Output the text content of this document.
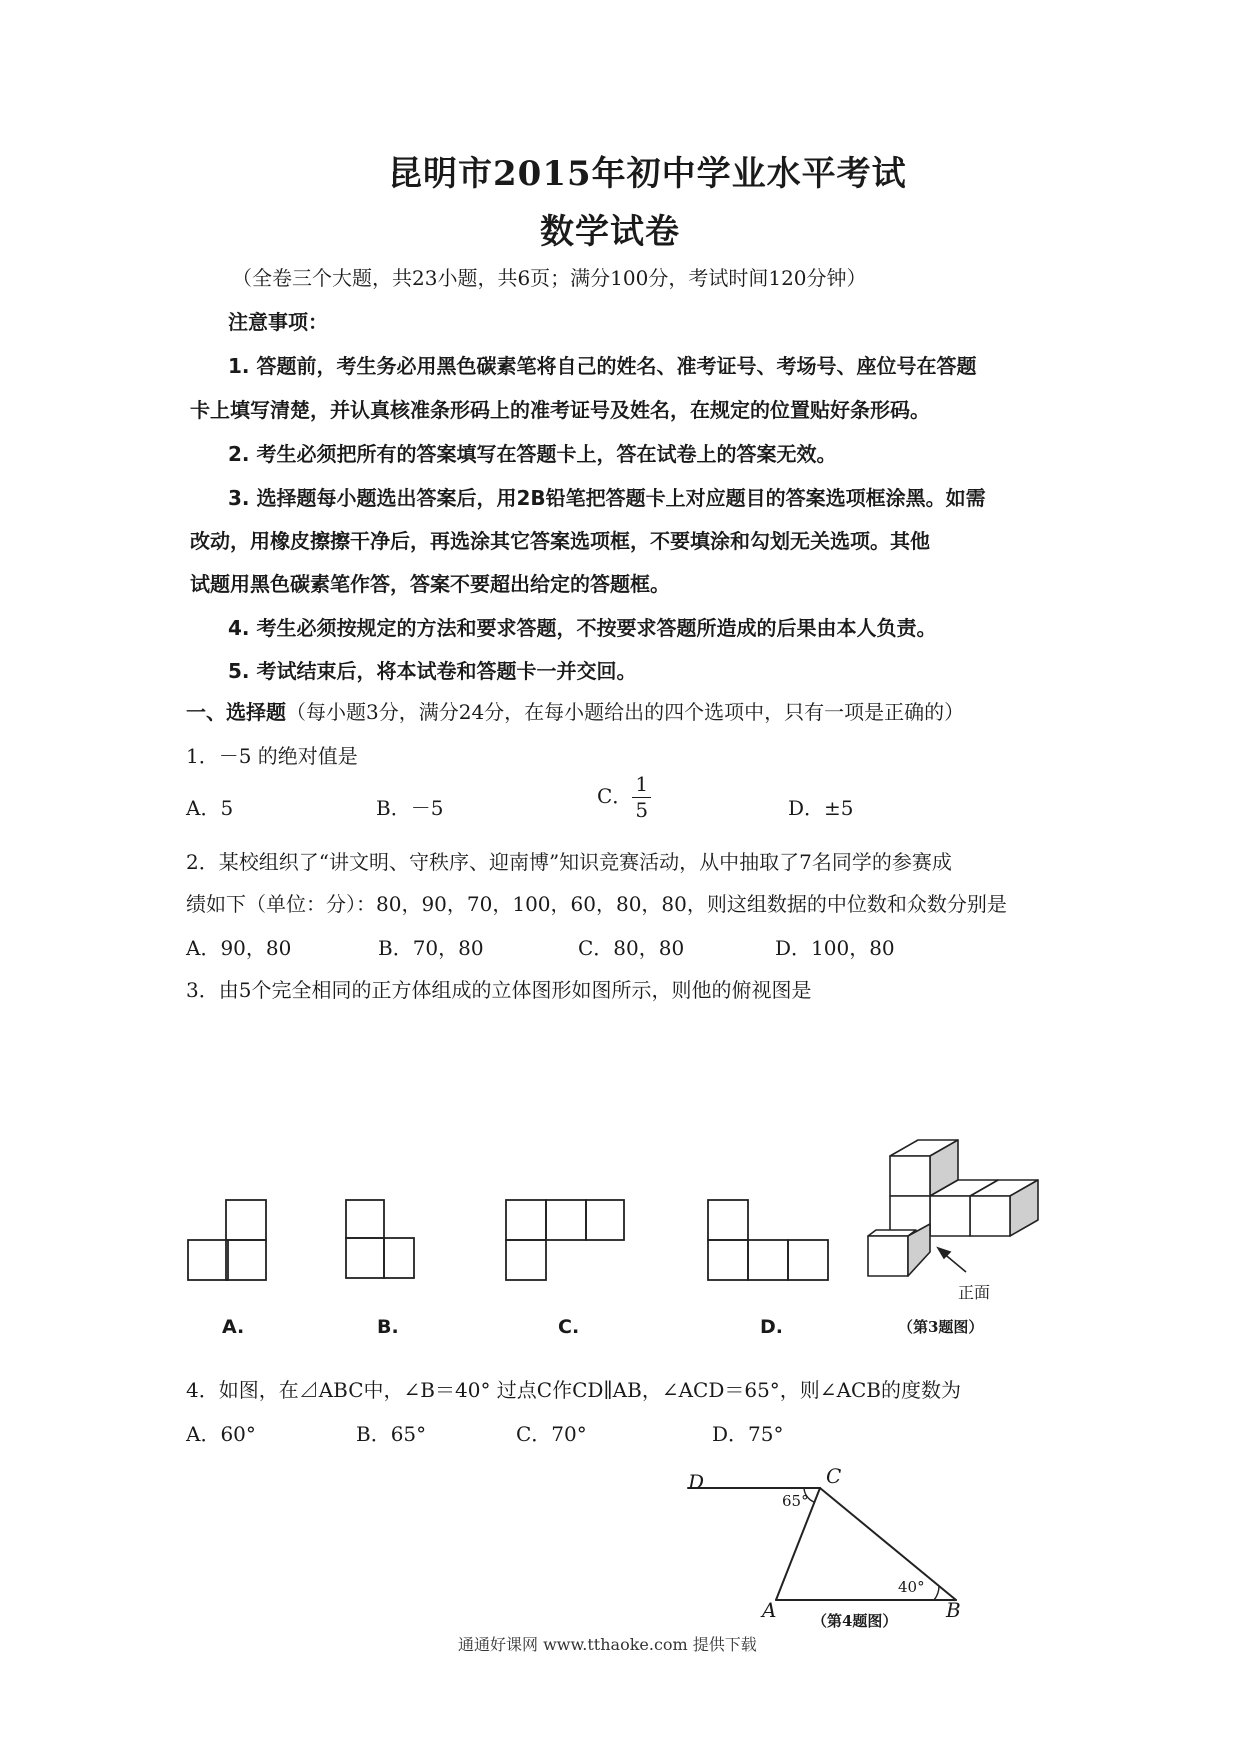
昆明市2015年初中学业水平考试
数学试卷
（全卷三个大题，共23小题，共6页；满分100分，考试时间120分钟）
注意事项：
1. 答题前，考生务必用黑色碳素笔将自己的姓名、准考证号、考场号、座位号在答题
卡上填写清楚，并认真核准条形码上的准考证号及姓名，在规定的位置贴好条形码。
2. 考生必须把所有的答案填写在答题卡上，答在试卷上的答案无效。
3. 选择题每小题选出答案后，用2B铅笔把答题卡上对应题目的答案选项框涂黑。如需
改动，用橡皮擦擦干净后，再选涂其它答案选项框，不要填涂和勾划无关选项。其他
试题用黑色碳素笔作答，答案不要超出给定的答题框。
4. 考生必须按规定的方法和要求答题，不按要求答题所造成的后果由本人负责。
5. 考试结束后，将本试卷和答题卡一并交回。
一、选择题（每小题3分，满分24分，在每小题给出的四个选项中，只有一项是正确的）
1．－5 的绝对值是
A．5	B．－5	C． $\frac{1}{5}$	D．±5
2．某校组织了“讲文明、守秩序、迎南博”知识竞赛活动，从中抽取了7名同学的参赛成
绩如下（单位：分）：80，90，70，100，60，80，80，则这组数据的中位数和众数分别是
A．90，80	B．70，80	C．80，80	D．100，80
3．由5个完全相同的正方体组成的立体图形如图所示，则他的俯视图是
A.	B.	C.	D.
正面
（第3题图）
4．如图，在⊿ABC中，∠B＝40° 过点C作CD∥AB，∠ACD＝65°，则∠ACB的度数为
A．60°	B．65°	C．70°	D．75°
D	C
A	B
65°
40°
（第4题图）
通通好课网 www.tthaoke.com 提供下载
